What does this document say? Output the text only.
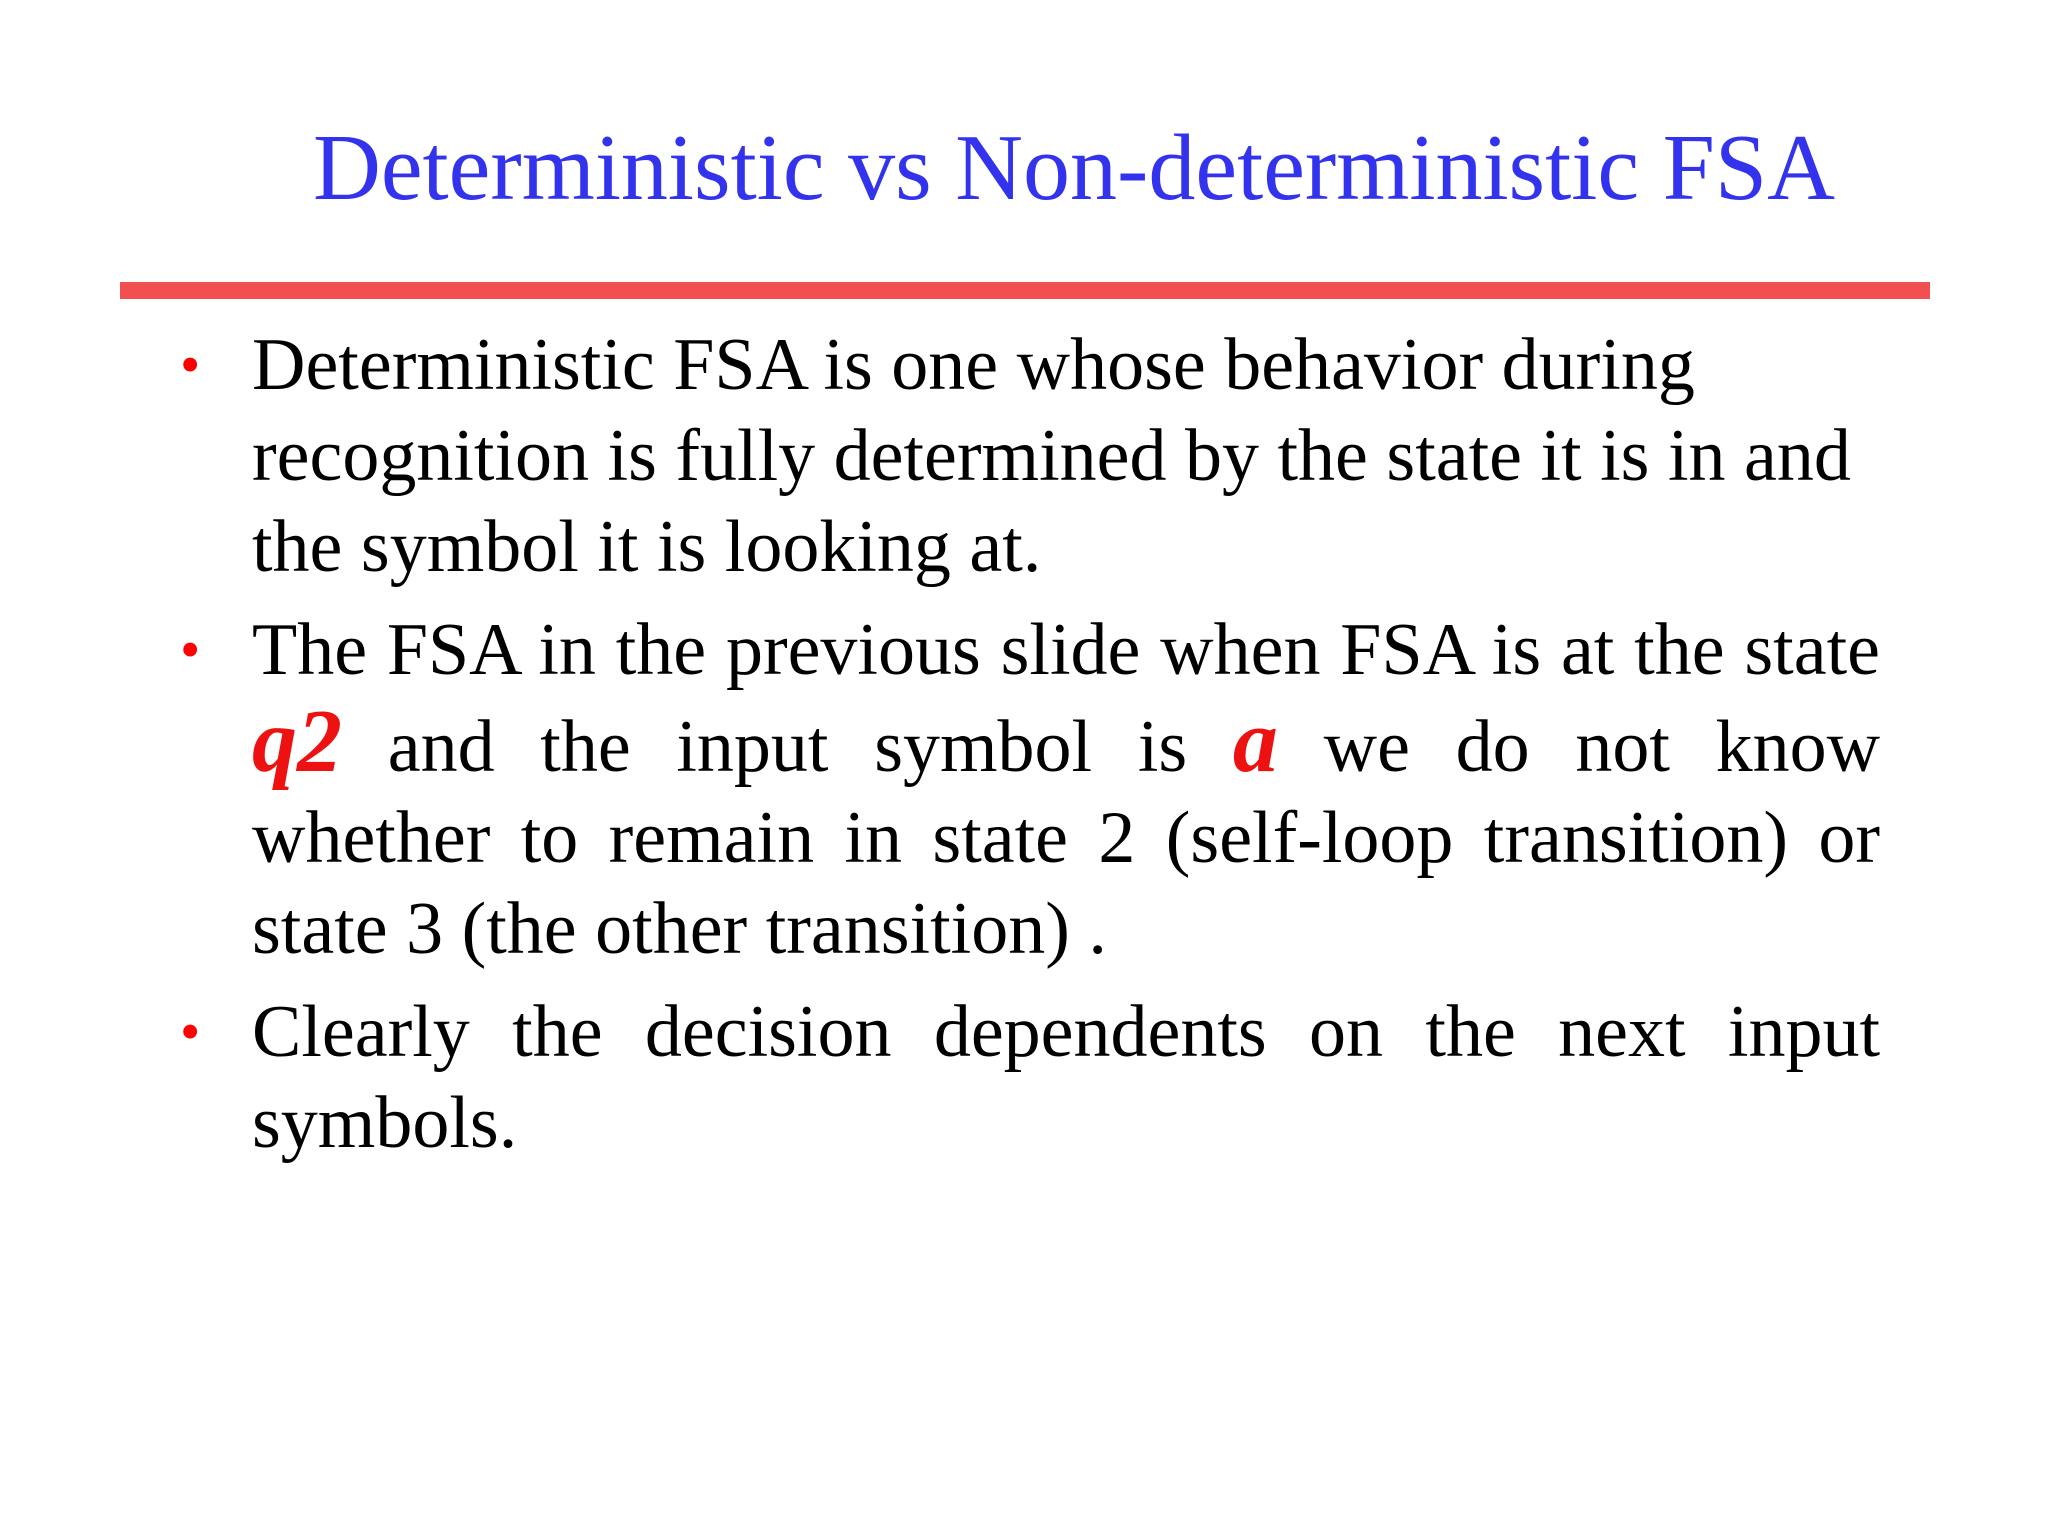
Deterministic vs Non-deterministic FSA
• Deterministic FSA is one whose behavior during recognition is fully determined by the state it is in and the symbol it is looking at.
• The FSA in the previous slide when FSA is at the state
q2 and the input symbol is a we do not know
whether to remain in state 2 (self-loop transition) or
state 3 (the other transition) .
• Clearly the decision dependents on the next input
symbols.
